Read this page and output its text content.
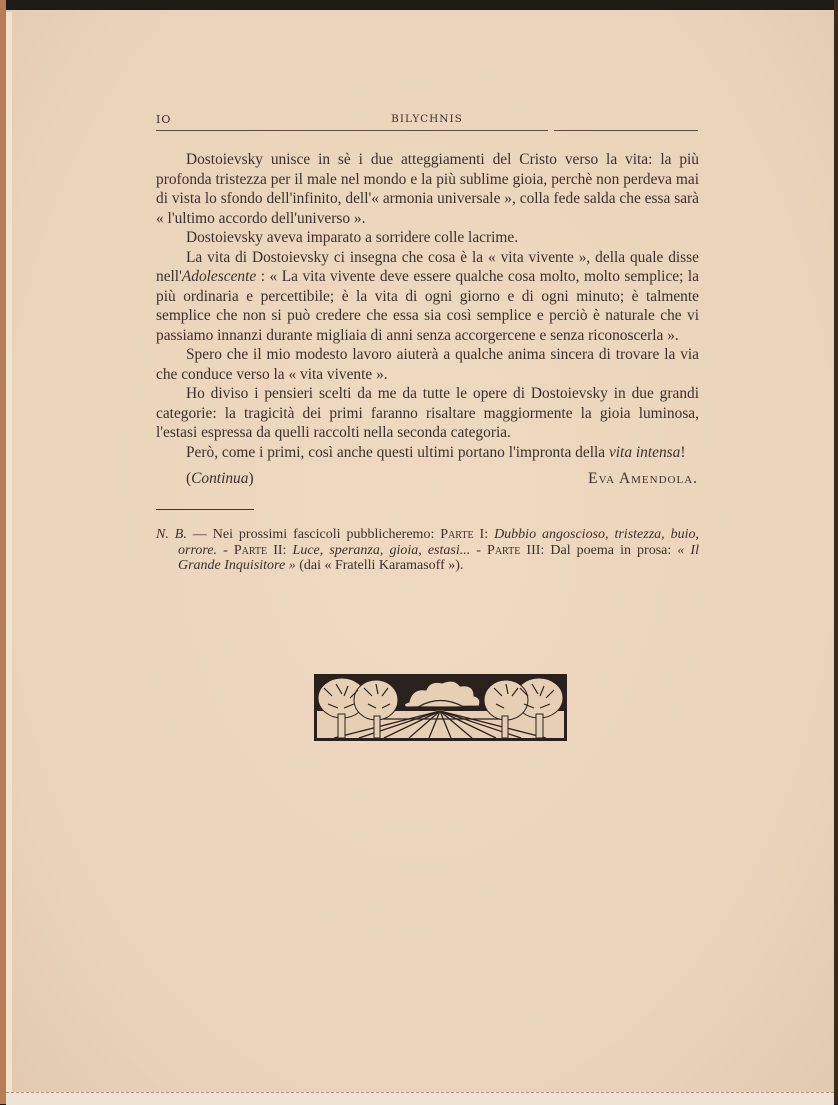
IO	BILYCHNIS

Dostoievsky unisce in sè i due atteggiamenti del Cristo verso la vita: la più profonda tristezza per il male nel mondo e la più sublime gioia, perchè non perdeva mai di vista lo sfondo dell'infinito, dell'« armonia universale », colla fede salda che essa sarà « l'ultimo accordo dell'universo ».

Dostoievsky aveva imparato a sorridere colle lacrime.

La vita di Dostoievsky ci insegna che cosa è la « vita vivente », della quale disse nell'Adolescente : « La vita vivente deve essere qualche cosa molto, molto semplice; la più ordinaria e percettibile; è la vita di ogni giorno e di ogni minuto; è talmente semplice che non si può credere che essa sia così semplice e perciò è naturale che vi passiamo innanzi durante migliaia di anni senza accorgercene e senza riconoscerla ».

Spero che il mio modesto lavoro aiuterà a qualche anima sincera di trovare la via che conduce verso la « vita vivente ».

Ho diviso i pensieri scelti da me da tutte le opere di Dostoievsky in due grandi categorie: la tragicità dei primi faranno risaltare maggiormente la gioia luminosa, l'estasi espressa da quelli raccolti nella seconda categoria.

Però, come i primi, così anche questi ultimi portano l'impronta della vita intensa!

(Continua)	Eva Amendola.
N. B. — Nei prossimi fascicoli pubblicheremo: Parte I: Dubbio angoscioso, tristezza, buio, orrore. - Parte II: Luce, speranza, gioia, estasi... - Parte III: Dal poema in prosa: « Il Grande Inquisitore » (dai « Fratelli Karamasoff »).
